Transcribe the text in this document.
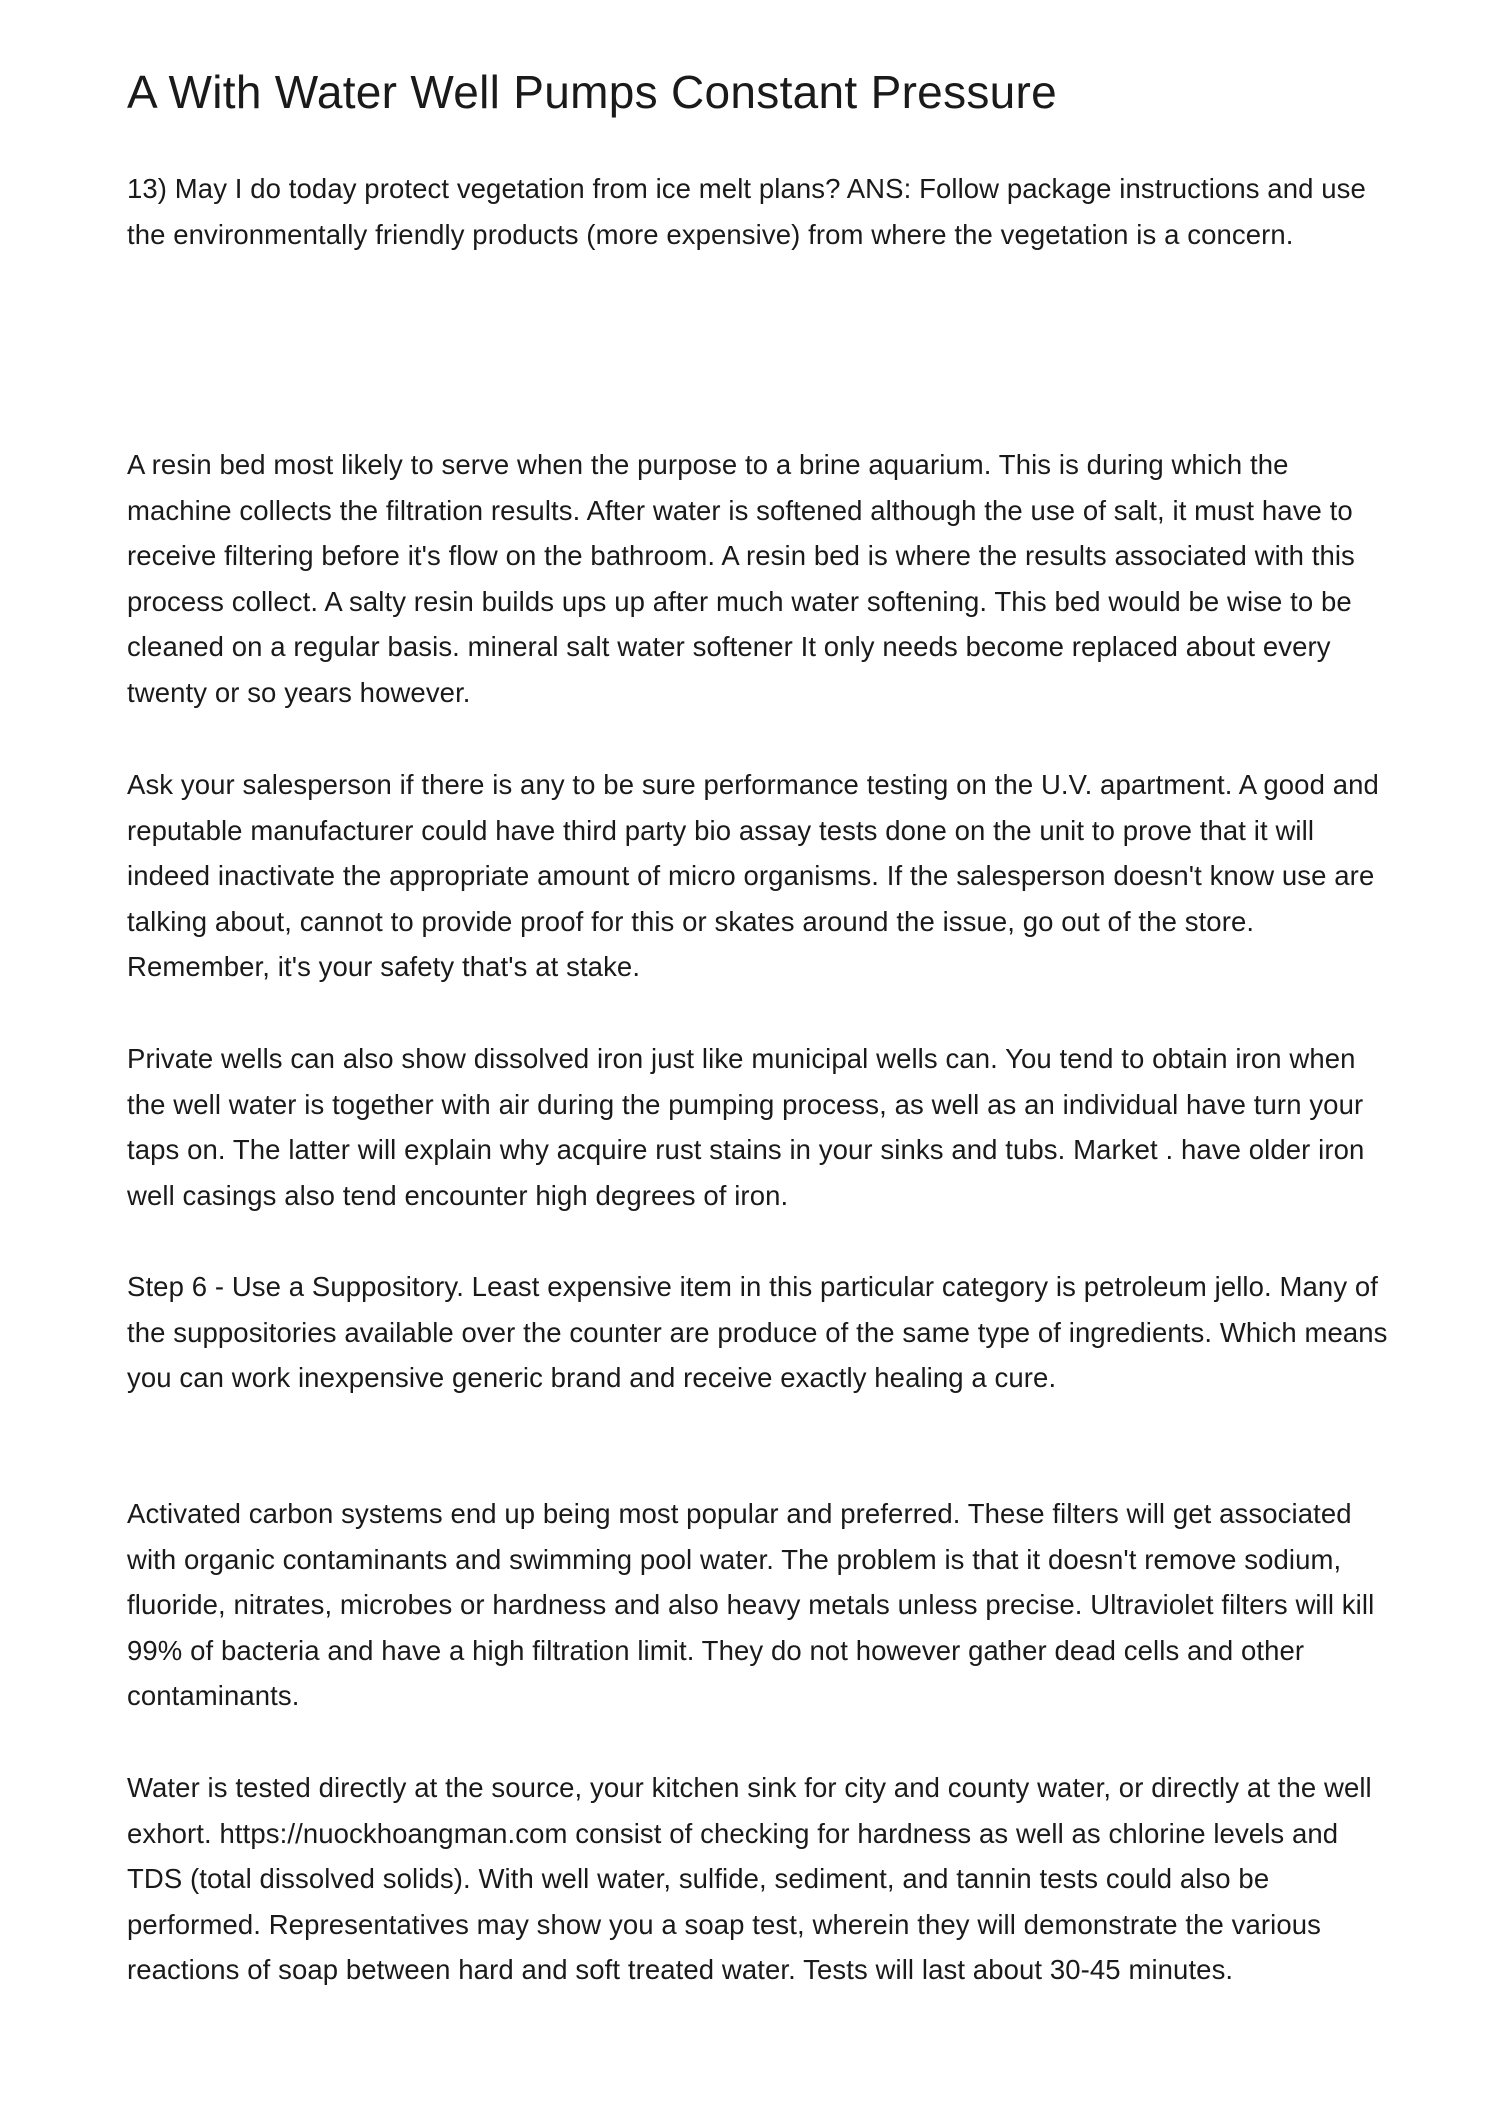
A With Water Well Pumps Constant Pressure

13) May I do today protect vegetation from ice melt plans? ANS: Follow package instructions and use the environmentally friendly products (more expensive) from where the vegetation is a concern.

A resin bed most likely to serve when the purpose to a brine aquarium. This is during which the machine collects the filtration results. After water is softened although the use of salt, it must have to receive filtering before it's flow on the bathroom. A resin bed is where the results associated with this process collect. A salty resin builds ups up after much water softening. This bed would be wise to be cleaned on a regular basis. mineral salt water softener It only needs become replaced about every twenty or so years however.

Ask your salesperson if there is any to be sure performance testing on the U.V. apartment. A good and reputable manufacturer could have third party bio assay tests done on the unit to prove that it will indeed inactivate the appropriate amount of micro organisms. If the salesperson doesn't know use are talking about, cannot to provide proof for this or skates around the issue, go out of the store. Remember, it's your safety that's at stake.

Private wells can also show dissolved iron just like municipal wells can. You tend to obtain iron when the well water is together with air during the pumping process, as well as an individual have turn your taps on. The latter will explain why acquire rust stains in your sinks and tubs. Market . have older iron well casings also tend encounter high degrees of iron.

Step 6 - Use a Suppository. Least expensive item in this particular category is petroleum jello. Many of the suppositories available over the counter are produce of the same type of ingredients. Which means you can work inexpensive generic brand and receive exactly healing a cure.

Activated carbon systems end up being most popular and preferred. These filters will get associated with organic contaminants and swimming pool water. The problem is that it doesn't remove sodium, fluoride, nitrates, microbes or hardness and also heavy metals unless precise. Ultraviolet filters will kill 99% of bacteria and have a high filtration limit. They do not however gather dead cells and other contaminants.

Water is tested directly at the source, your kitchen sink for city and county water, or directly at the well exhort. https://nuockhoangman.com consist of checking for hardness as well as chlorine levels and TDS (total dissolved solids). With well water, sulfide, sediment, and tannin tests could also be performed. Representatives may show you a soap test, wherein they will demonstrate the various reactions of soap between hard and soft treated water. Tests will last about 30-45 minutes.
